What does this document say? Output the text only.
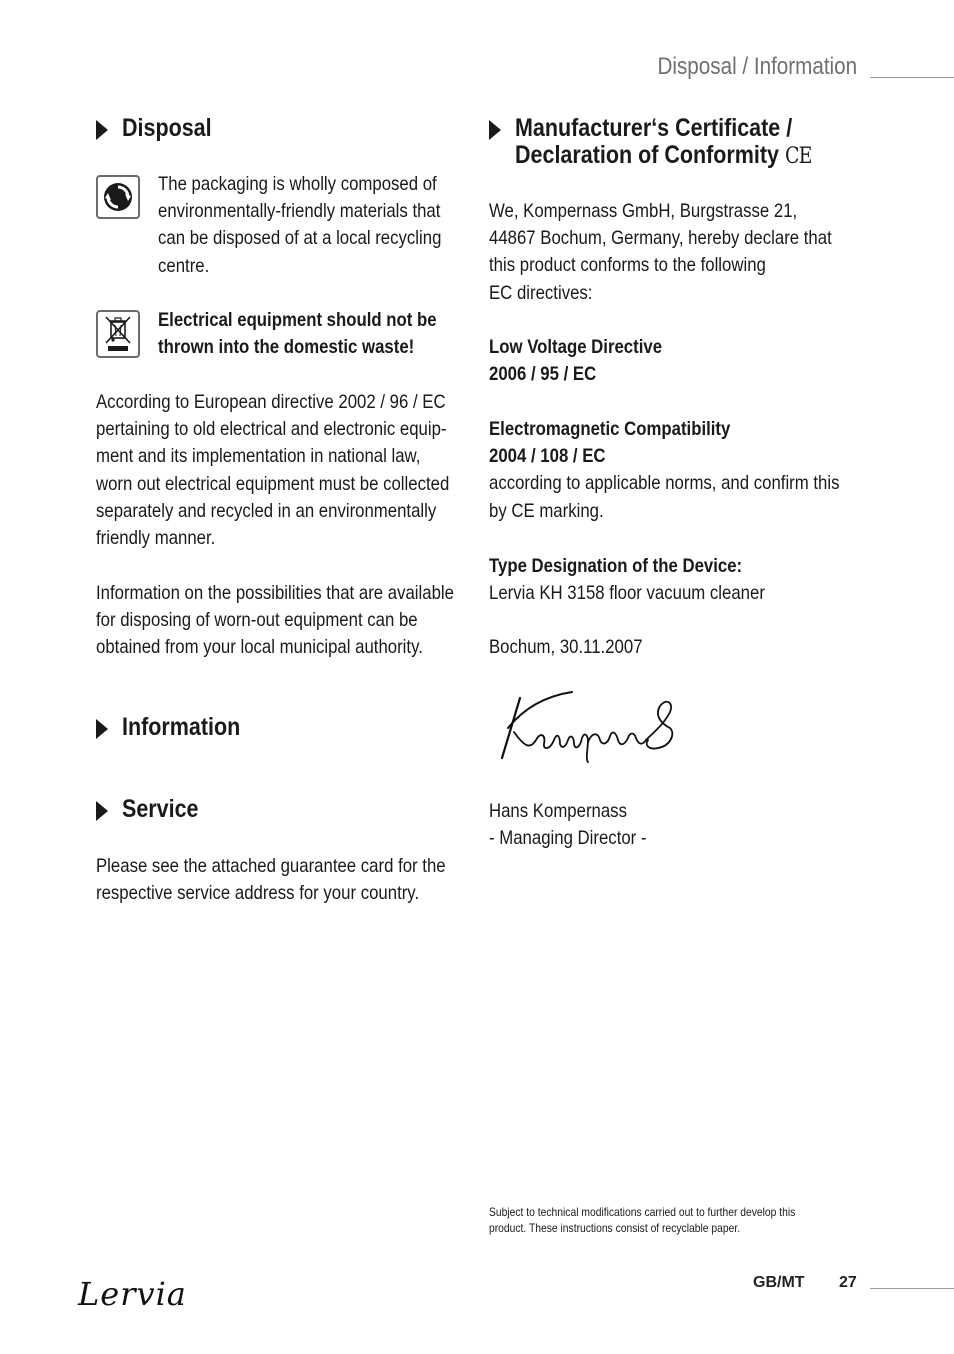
Disposal / Information
Disposal
The packaging is wholly composed of
environmentally-friendly materials that
can be disposed of at a local recycling
centre.
Electrical equipment should not be
thrown into the domestic waste!
According to European directive 2002 / 96 / EC
pertaining to old electrical and electronic equip-
ment and its implementation in national law,
worn out electrical equipment must be collected
separately and recycled in an environmentally
friendly manner.
Information on the possibilities that are available
for disposing of worn-out equipment can be
obtained from your local municipal authority.
Information
Service
Please see the attached guarantee card for the
respective service address for your country.
Manufacturer‘s Certificate /
Declaration of Conformity CE
We, Kompernass GmbH, Burgstrasse 21,
44867 Bochum, Germany, hereby declare that
this product conforms to the following
EC directives:
Low Voltage Directive
2006 / 95 / EC
Electromagnetic Compatibility
2004 / 108 / EC
according to applicable norms, and confirm this
by CE marking.
Type Designation of the Device:
Lervia KH 3158 floor vacuum cleaner
Bochum, 30.11.2007
Hans Kompernass
- Managing Director -
Subject to technical modifications carried out to further develop this
product. These instructions consist of recyclable paper.
Lervia	GB/MT 27
